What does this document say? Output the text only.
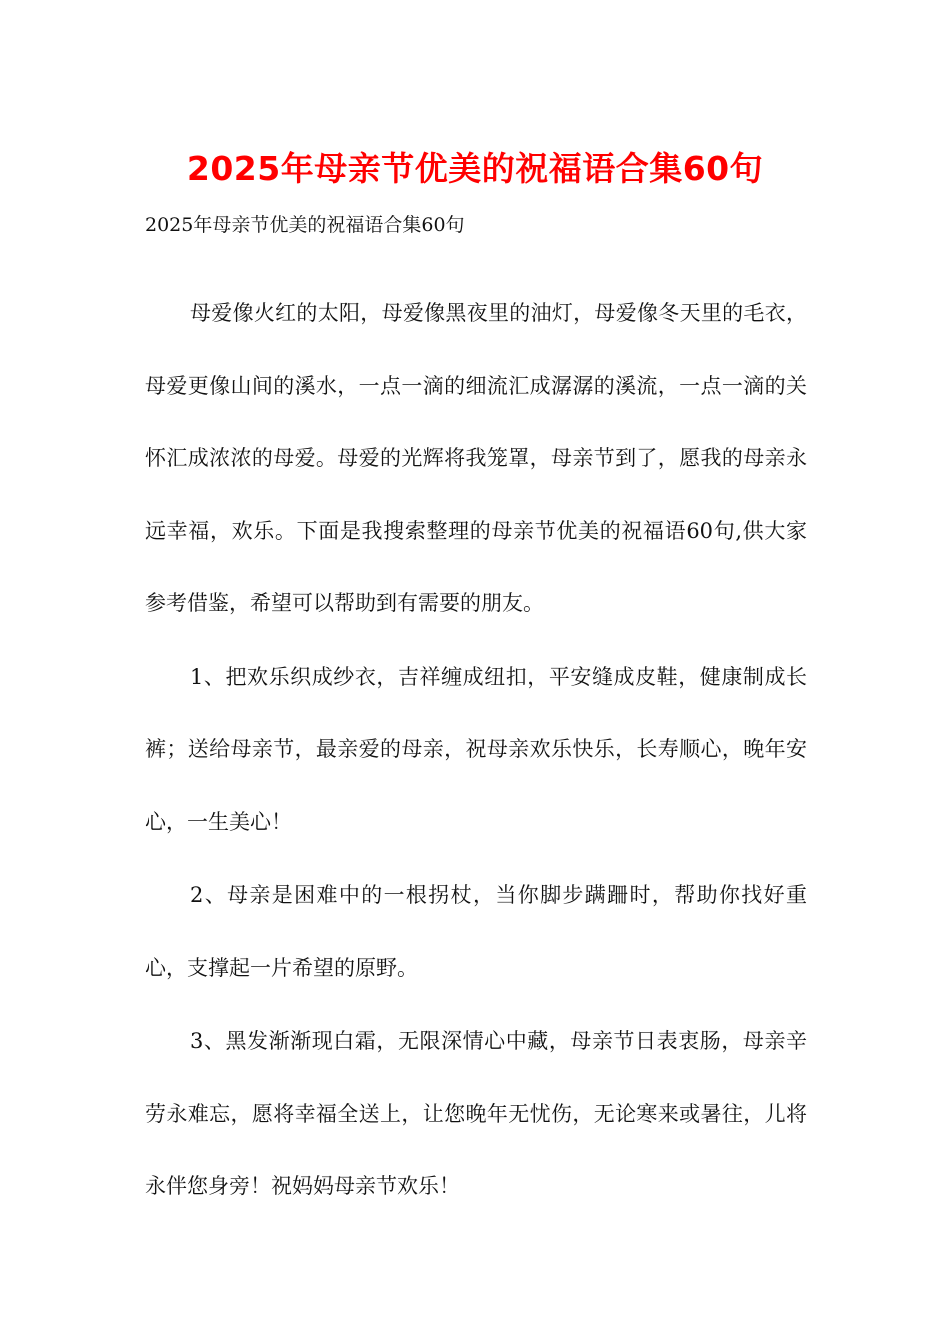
2025年母亲节优美的祝福语合集60句
2025年母亲节优美的祝福语合集60句

母爱像火红的太阳，母爱像黑夜里的油灯，母爱像冬天里的毛衣，母爱更像山间的溪水，一点一滴的细流汇成潺潺的溪流，一点一滴的关怀汇成浓浓的母爱。母爱的光辉将我笼罩，母亲节到了，愿我的母亲永远幸福，欢乐。下面是我搜索整理的母亲节优美的祝福语60句,供大家参考借鉴，希望可以帮助到有需要的朋友。

1、把欢乐织成纱衣，吉祥缠成纽扣，平安缝成皮鞋，健康制成长裤；送给母亲节，最亲爱的母亲，祝母亲欢乐快乐，长寿顺心，晚年安心，一生美心！

2、母亲是困难中的一根拐杖，当你脚步蹒跚时，帮助你找好重心，支撑起一片希望的原野。

3、黑发渐渐现白霜，无限深情心中藏，母亲节日表衷肠，母亲辛劳永难忘，愿将幸福全送上，让您晚年无忧伤，无论寒来或暑往，儿将永伴您身旁！祝妈妈母亲节欢乐！
